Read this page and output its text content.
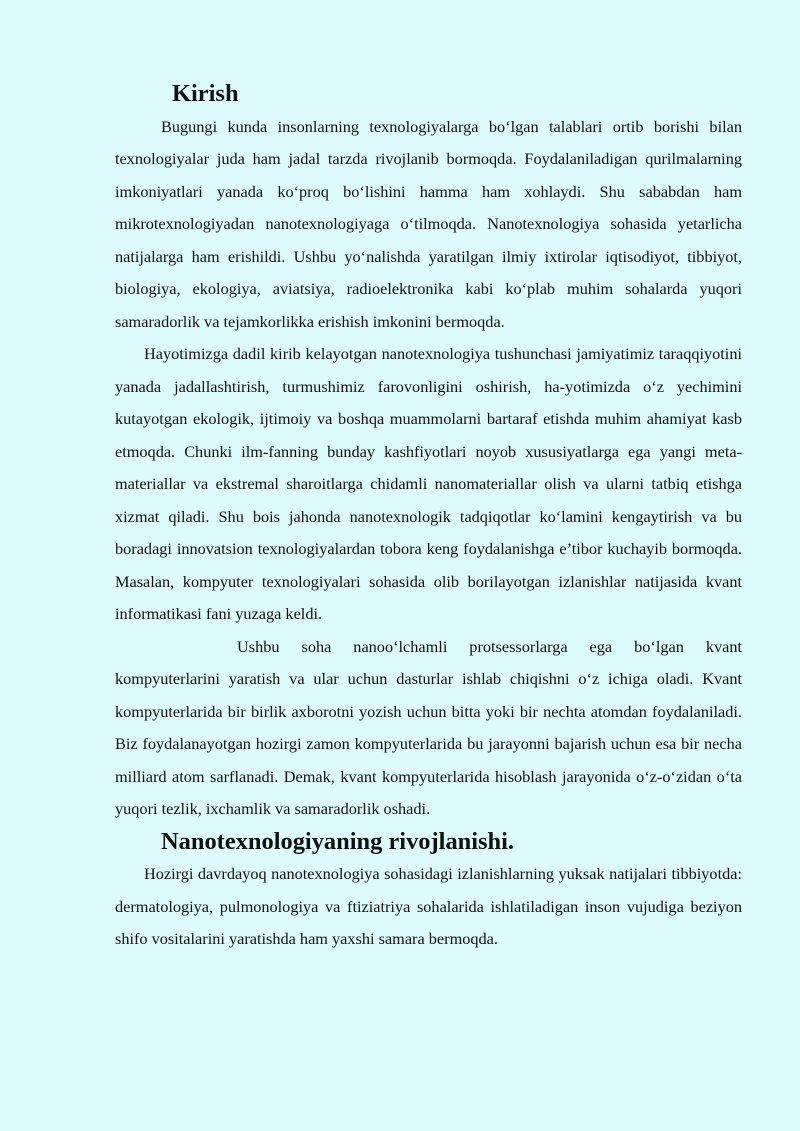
Kirish

Bugungi kunda insonlarning texnologiyalarga bo‘lgan talablari ortib borishi bilan texnologiyalar juda ham jadal tarzda rivojlanib bormoqda. Foydalaniladigan qurilmalarning imkoniyatlari yanada ko‘proq bo‘lishini hamma ham xohlaydi. Shu sababdan ham mikrotexnologiyadan nanotexnologiyaga o‘tilmoqda. Nanotexnologiya sohasida yetarlicha natijalarga ham erishildi. Ushbu yo‘nalishda yaratilgan ilmiy ixtirolar iqtisodiyot, tibbiyot, biologiya, ekologiya, aviatsiya, radioelektronika kabi ko‘plab muhim sohalarda yuqori samaradorlik va tejamkorlikka erishish imkonini bermoqda.

Hayotimizga dadil kirib kelayotgan nanotexnologiya tushunchasi jamiyatimiz taraqqiyotini yanada jadallashtirish, turmushimiz farovonligini oshirish, ha-yotimizda o‘z yechimini kutayotgan ekologik, ijtimoiy va boshqa muammolarni bartaraf etishda muhim ahamiyat kasb etmoqda. Chunki ilm-fanning bunday kashfiyotlari noyob xususiyatlarga ega yangi meta-materiallar va ekstremal sharoitlarga chidamli nanomateriallar olish va ularni tatbiq etishga xizmat qiladi. Shu bois jahonda nanotexnologik tadqiqotlar ko‘lamini kengaytirish va bu boradagi innovatsion texnologiyalardan tobora keng foydalanishga e’tibor kuchayib bormoqda. Masalan, kompyuter texnologiyalari sohasida olib borilayotgan izlanishlar natijasida kvant informatikasi fani yuzaga keldi.

Ushbu soha nanoo‘lchamli protsessorlarga ega bo‘lgan kvant kompyuterlarini yaratish va ular uchun dasturlar ishlab chiqishni o‘z ichiga oladi. Kvant kompyuterlarida bir birlik axborotni yozish uchun bitta yoki bir nechta atomdan foydalaniladi. Biz foydalanayotgan hozirgi zamon kompyuterlarida bu jarayonni bajarish uchun esa bir necha milliard atom sarflanadi. Demak, kvant kompyuterlarida hisoblash jarayonida o‘z-o‘zidan o‘ta yuqori tezlik, ixchamlik va samaradorlik oshadi.

Nanotexnologiyaning rivojlanishi.

Hozirgi davrdayoq nanotexnologiya sohasidagi izlanishlarning yuksak natijalari tibbiyotda: dermatologiya, pulmonologiya va ftiziatriya sohalarida ishlatiladigan inson vujudiga beziyon shifo vositalarini yaratishda ham yaxshi samara bermoqda.
